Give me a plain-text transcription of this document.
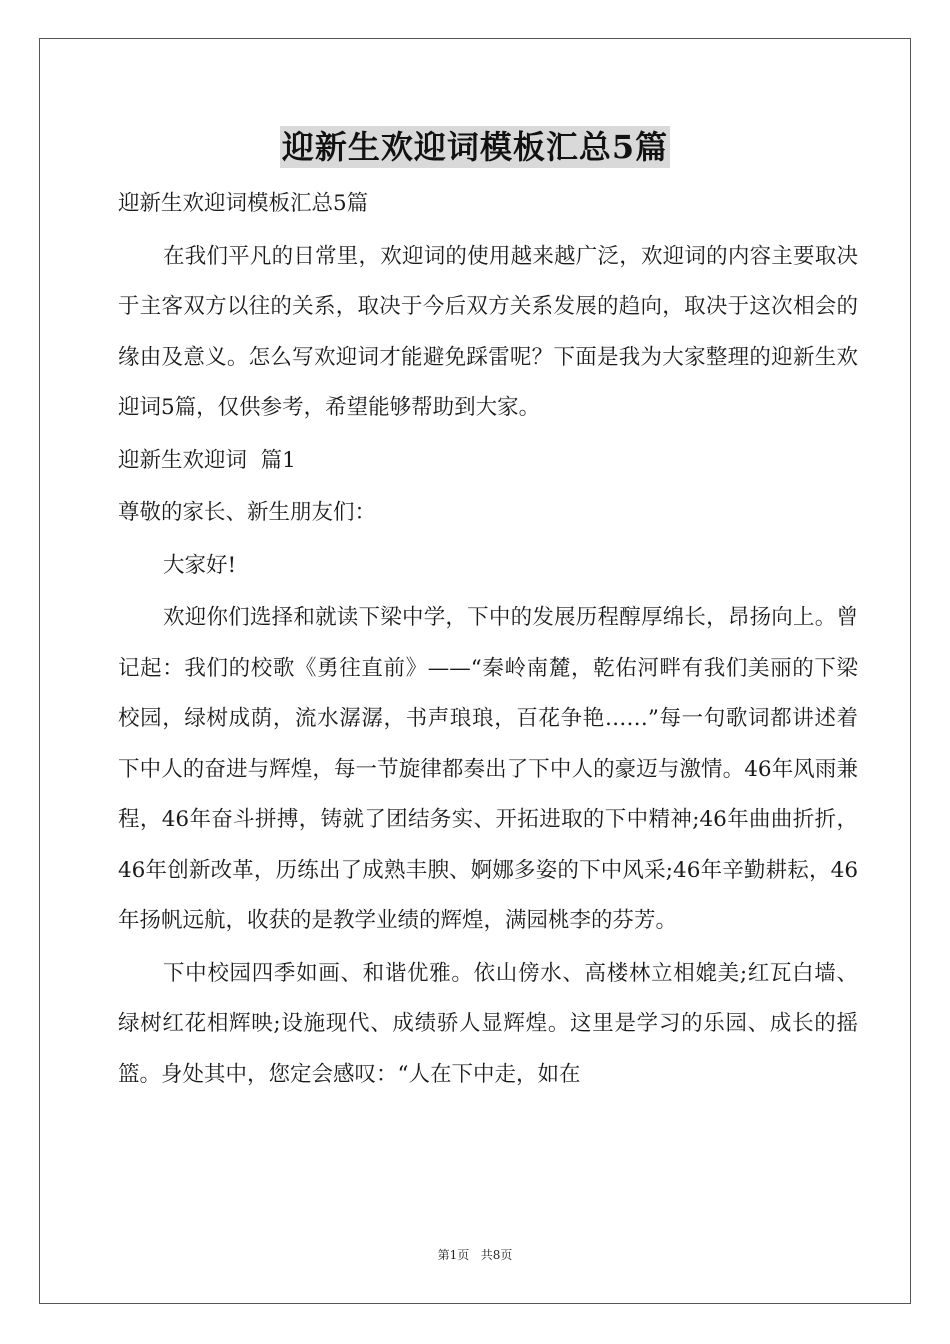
迎新生欢迎词模板汇总5篇

迎新生欢迎词模板汇总5篇

在我们平凡的日常里，欢迎词的使用越来越广泛，欢迎词的内容主要取决于主客双方以往的关系，取决于今后双方关系发展的趋向，取决于这次相会的缘由及意义。怎么写欢迎词才能避免踩雷呢？下面是我为大家整理的迎新生欢迎词5篇，仅供参考，希望能够帮助到大家。

迎新生欢迎词  篇1

尊敬的家长、新生朋友们：

大家好!

欢迎你们选择和就读下梁中学，下中的发展历程醇厚绵长，昂扬向上。曾记起：我们的校歌《勇往直前》——“秦岭南麓，乾佑河畔有我们美丽的下梁校园，绿树成荫，流水潺潺，书声琅琅，百花争艳……”每一句歌词都讲述着下中人的奋进与辉煌，每一节旋律都奏出了下中人的豪迈与激情。46年风雨兼程，46年奋斗拼搏，铸就了团结务实、开拓进取的下中精神;46年曲曲折折，46年创新改革，历练出了成熟丰腴、婀娜多姿的下中风采;46年辛勤耕耘，46年扬帆远航，收获的是教学业绩的辉煌，满园桃李的芬芳。

下中校园四季如画、和谐优雅。依山傍水、高楼林立相媲美;红瓦白墙、绿树红花相辉映;设施现代、成绩骄人显辉煌。这里是学习的乐园、成长的摇篮。身处其中，您定会感叹：“人在下中走，如在

第1页 共8页
